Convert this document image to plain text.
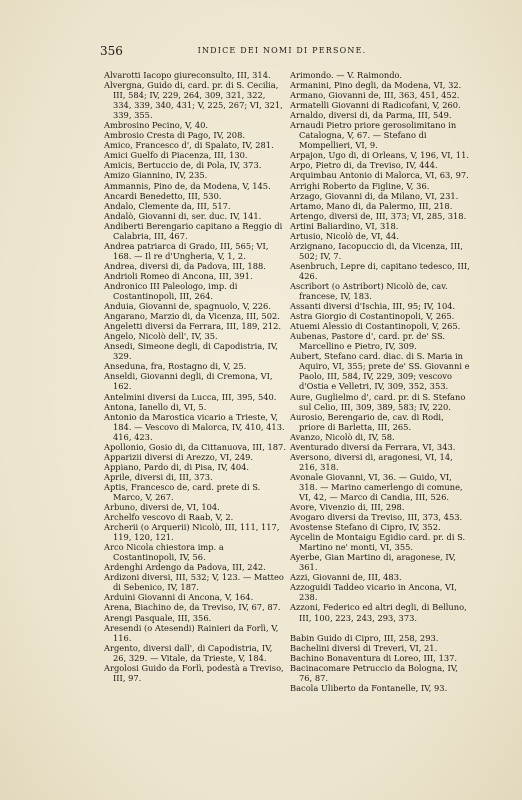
356	INDICE DEI NOMI DI PERSONE.

Alvarotti Iacopo giureconsulto, III, 314.

Alvergna, Guido di, card. pr. di S. Cecilia, III, 584; IV, 229, 264, 309, 321, 322, 334, 339, 340, 431; V, 225, 267; VI, 321, 339, 355.

Ambrosino Pecino, V, 40.

Ambrosio Cresta di Pago, IV, 208.

Amico, Francesco d', di Spalato, IV, 281.

Amici Guelfo di Piacenza, III, 130.

Amicis, Bertuccio de, di Pola, IV, 373.

Amizo Giannino, IV, 235.

Ammannis, Pino de, da Modena, V, 145.

Ancardi Benedetto, III, 530.

Andalo, Clemente da, III, 517.

Andalò, Giovanni di, ser. duc. IV, 141.

Andiberti Berengario capitano a Reggio di Calabria, III, 467.

Andrea patriarca di Grado, III, 565; VI, 168. — Il re d'Ungheria, V, 1, 2.

Andrea, diversi di, da Padova, III, 188.

Andrioli Romeo di Ancona, III, 391.

Andronico III Paleologo, imp. di Costantinopoli, III, 264.

Anduia, Giovanni de, spagnuolo, V, 226.

Angarano, Marzio di, da Vicenza, III, 502.

Angeletti diversi da Ferrara, III, 189, 212.

Angelo, Nicolò dell', IV, 35.

Ansedi, Simeone degli, di Capodistria, IV, 329.

Anseduna, fra, Rostagno di, V, 25.

Anseldi, Giovanni degli, di Cremona, VI, 162.

Antelmini diversi da Lucca, III, 395, 540.

Antona, Ianello di, VI, 5.

Antonio da Marostica vicario a Trieste, V, 184. — Vescovo di Malorca, IV, 410, 413. 416, 423.

Apollonio, Gosio di, da Cittanuova, III, 187.

Apparizii diversi di Arezzo, VI, 249.

Appiano, Pardo di, di Pisa, IV, 404.

Aprile, diversi di, III, 373.

Aptis, Francesco de, card. prete di S. Marco, V, 267.

Arbuno, diversi de, VI, 104.

Archelfo vescovo di Raab, V, 2.

Archerii (o Arquerii) Nicolò, III, 111, 117, 119, 120, 121.

Arco Nicola chiestora imp. a Costantinopoli, IV, 56.

Ardenghi Ardengo da Padova, III, 242.

Ardizoni diversi, III, 532; V, 123. — Matteo di Sebenico, IV, 187.

Arduini Giovanni di Ancona, V, 164.

Arena, Biachino de, da Treviso, IV, 67, 87.

Arengi Pasquale, III, 356.

Aresendi (o Atesendi) Rainieri da Forlì, V, 116.

Argento, diversi dall', di Capodistria, IV, 26, 329. — Vitale, da Trieste, V, 184.

Argolosi Guido da Forlì, podestà a Treviso, III, 97.

Arimondo. — V. Raimondo.

Armanini, Pino degli, da Modena, VI, 32.

Armano, Giovanni de, III, 363, 451, 452.

Armatelli Giovanni di Radicofani, V, 260.

Arnaldo, diversi di, da Parma, III, 549.

Arnaudi Pietro priore gerosolimitano in Catalogna, V, 67. — Stefano di Mompellieri, VI, 9.

Arpajon, Ugo di, di Orleans, V, 196, VI, 11.

Arpo, Pietro di, da Treviso, IV, 444.

Arquimbau Antonio di Malorca, VI, 63, 97.

Arrighi Roberto da Figline, V, 36.

Arzago, Giovanni di, da Milano, VI, 231.

Artamo, Mano di, da Palermo, III, 218.

Artengo, diversi de, III, 373; VI, 285, 318.

Artini Baliardino, VI, 318.

Artusio, Nicolò de, VI, 44.

Arzignano, Iacopuccio di, da Vicenza, III, 502; IV, 7.

Asenbruch, Lepre di, capitano tedesco, III, 426.

Ascribort (o Astribort) Nicolò de, cav. francese, IV, 183.

Assanti diversi d'Ischia, III, 95; IV, 104.

Astra Giorgio di Costantinopoli, V, 265.

Atuemi Alessio di Costantinopoli, V, 265.

Aubenas, Pastore d', card. pr. de' SS. Marcellino e Pietro, IV, 309.

Aubert, Stefano card. diac. di S. Maria in Aquiro, VI, 355; prete de' SS. Giovanni e Paolo, III, 584, IV, 229, 309; vescovo d'Ostia e Velletri, IV, 309, 352, 353.

Aure, Guglielmo d', card. pr. di S. Stefano sul Celio, III, 309, 389, 583; IV, 220.

Aurosio, Berengario de, cav. di Rodi, priore di Barletta, III, 265.

Avanzo, Nicolò di, IV, 58.

Aventurado diversi da Ferrara, VI, 343.

Aversono, diversi di, aragonesi, VI, 14, 216, 318.

Avonale Giovanni, VI, 36. — Guido, VI, 318. — Marino camerlengo di comune, VI, 42, — Marco di Candia, III, 526.

Avore, Vivenzio di, III, 298.

Avogaro diversi da Treviso, III, 373, 453.

Avostense Stefano di Cipro, IV, 352.

Aycelin de Montaigu Egidio card. pr. di S. Martino ne' monti, VI, 355.

Ayerbe, Gian Martino di, aragonese, IV, 361.

Azzi, Giovanni de, III, 483.

Azzoguidi Taddeo vicario in Ancona, VI, 238.

Azzoni, Federico ed altri degli, di Belluno, III, 100, 223, 243, 293, 373.

Babin Guido di Cipro, III, 258, 293.

Bachelini diversi di Treveri, VI, 21.

Bachino Bonaventura di Loreo, III, 137.

Bacinacomare Petruccio da Bologna, IV, 76, 87.

Bacola Uliberto da Fontanelle, IV, 93.
